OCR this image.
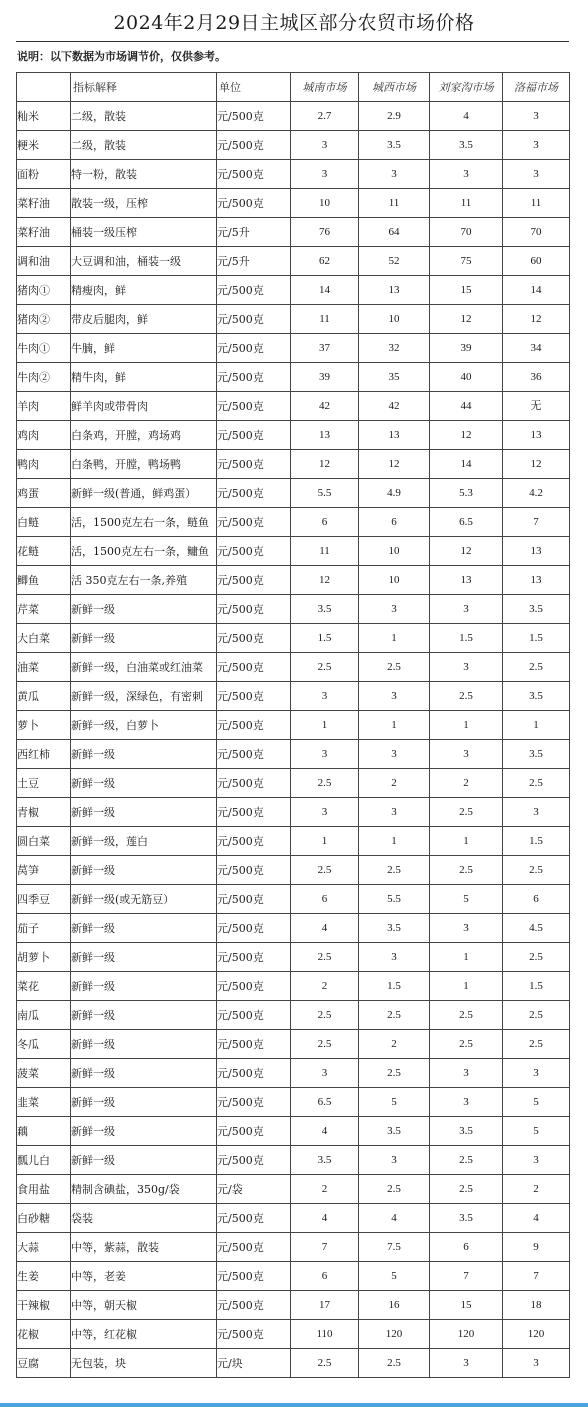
2024年2月29日主城区部分农贸市场价格
说明：以下数据为市场调节价，仅供参考。
	指标解释	单位	城南市场	城西市场	刘家沟市场	洛福市场
籼米	二级，散装	元/500克	2.7	2.9	4	3
粳米	二级，散装	元/500克	3	3.5	3.5	3
面粉	特一粉，散装	元/500克	3	3	3	3
菜籽油	散装一级，压榨	元/500克	10	11	11	11
菜籽油	桶装一级压榨	元/5升	76	64	70	70
调和油	大豆调和油，桶装一级	元/5升	62	52	75	60
猪肉①	精瘦肉，鲜	元/500克	14	13	15	14
猪肉②	带皮后腿肉，鲜	元/500克	11	10	12	12
牛肉①	牛腩，鲜	元/500克	37	32	39	34
牛肉②	精牛肉，鲜	元/500克	39	35	40	36
羊肉	鲜羊肉或带骨肉	元/500克	42	42	44	无
鸡肉	白条鸡，开膛，鸡场鸡	元/500克	13	13	12	13
鸭肉	白条鸭，开膛，鸭场鸭	元/500克	12	12	14	12
鸡蛋	新鲜一级(普通，鲜鸡蛋）	元/500克	5.5	4.9	5.3	4.2
白鲢	活，1500克左右一条，鲢鱼	元/500克	6	6	6.5	7
花鲢	活，1500克左右一条，鳙鱼	元/500克	11	10	12	13
鲫鱼	活 350克左右一条,养殖	元/500克	12	10	13	13
芹菜	新鲜一级	元/500克	3.5	3	3	3.5
大白菜	新鲜一级	元/500克	1.5	1	1.5	1.5
油菜	新鲜一级，白油菜或红油菜	元/500克	2.5	2.5	3	2.5
黄瓜	新鲜一级，深绿色，有密刺	元/500克	3	3	2.5	3.5
萝卜	新鲜一级，白萝卜	元/500克	1	1	1	1
西红柿	新鲜一级	元/500克	3	3	3	3.5
土豆	新鲜一级	元/500克	2.5	2	2	2.5
青椒	新鲜一级	元/500克	3	3	2.5	3
圆白菜	新鲜一级，莲白	元/500克	1	1	1	1.5
莴笋	新鲜一级	元/500克	2.5	2.5	2.5	2.5
四季豆	新鲜一级(或无筋豆）	元/500克	6	5.5	5	6
茄子	新鲜一级	元/500克	4	3.5	3	4.5
胡萝卜	新鲜一级	元/500克	2.5	3	1	2.5
菜花	新鲜一级	元/500克	2	1.5	1	1.5
南瓜	新鲜一级	元/500克	2.5	2.5	2.5	2.5
冬瓜	新鲜一级	元/500克	2.5	2	2.5	2.5
菠菜	新鲜一级	元/500克	3	2.5	3	3
韭菜	新鲜一级	元/500克	6.5	5	3	5
藕	新鲜一级	元/500克	4	3.5	3.5	5
瓢儿白	新鲜一级	元/500克	3.5	3	2.5	3
食用盐	精制含碘盐，350g/袋	元/袋	2	2.5	2.5	2
白砂糖	袋装	元/500克	4	4	3.5	4
大蒜	中等，紫蒜，散装	元/500克	7	7.5	6	9
生姜	中等，老姜	元/500克	6	5	7	7
干辣椒	中等，朝天椒	元/500克	17	16	15	18
花椒	中等，红花椒	元/500克	110	120	120	120
豆腐	无包装，块	元/块	2.5	2.5	3	3
